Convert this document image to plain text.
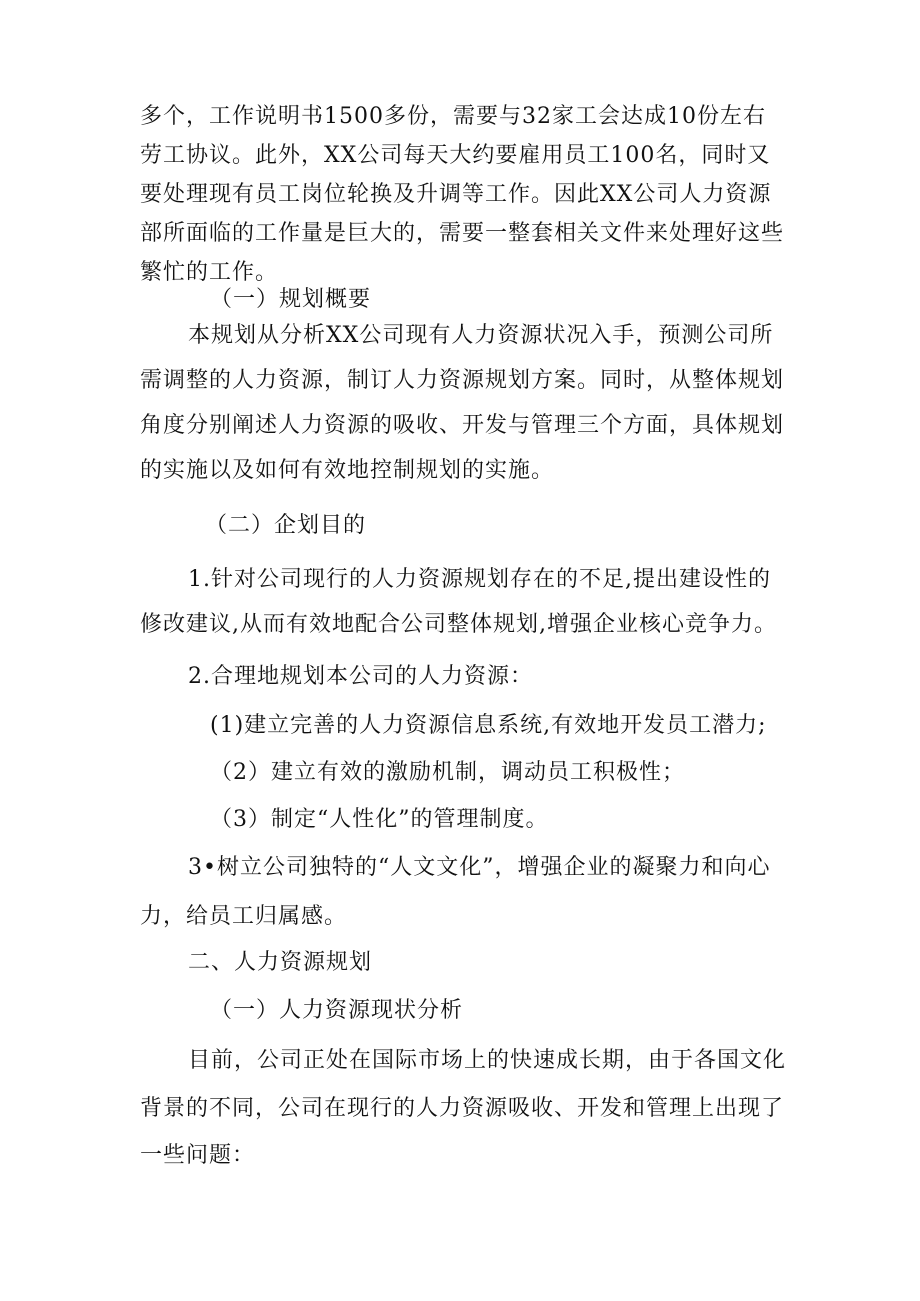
多个，工作说明书1500多份，需要与32家工会达成10份左右
劳工协议。此外，XX公司每天大约要雇用员工100名，同时又
要处理现有员工岗位轮换及升调等工作。因此XX公司人力资源
部所面临的工作量是巨大的，需要一整套相关文件来处理好这些
繁忙的工作。
（一）规划概要
本规划从分析XX公司现有人力资源状况入手，预测公司所
需调整的人力资源，制订人力资源规划方案。同时，从整体规划
角度分别阐述人力资源的吸收、开发与管理三个方面，具体规划
的实施以及如何有效地控制规划的实施。
（二）企划目的
1.针对公司现行的人力资源规划存在的不足,提出建设性的
修改建议,从而有效地配合公司整体规划,增强企业核心竞争力。
2.合理地规划本公司的人力资源：
(1)建立完善的人力资源信息系统,有效地开发员工潜力;
（2）建立有效的激励机制，调动员工积极性；
（3）制定“人性化”的管理制度。
3•树立公司独特的“人文文化”，增强企业的凝聚力和向心
力，给员工归属感。
二、人力资源规划
（一）人力资源现状分析
目前，公司正处在国际市场上的快速成长期，由于各国文化
背景的不同，公司在现行的人力资源吸收、开发和管理上出现了
一些问题：
